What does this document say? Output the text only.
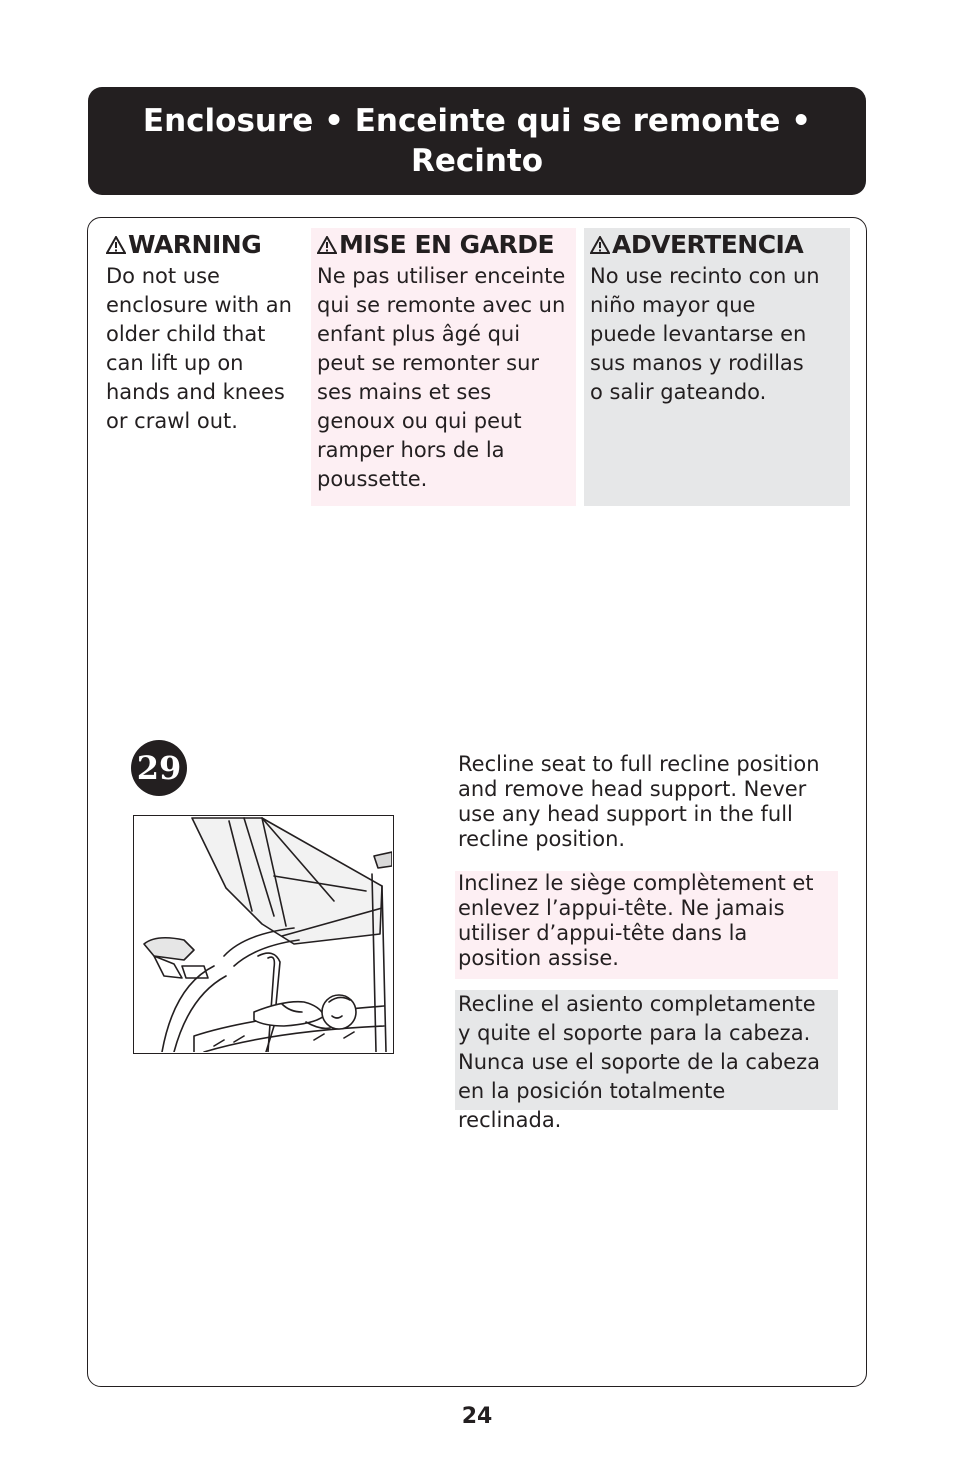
Enclosure • Enceinte qui se remonte • Recinto
WARNING
Do not use
enclosure with an
older child that
can lift up on
hands and knees
or crawl out.
MISE EN GARDE
Ne pas utiliser enceinte
qui se remonte avec un
enfant plus âgé qui
peut se remonter sur
ses mains et ses
genoux ou qui peut
ramper hors de la
poussette.
ADVERTENCIA
No use recinto con un
niño mayor que
puede levantarse en
sus manos y rodillas
o salir gateando.
29	Recline seat to full recline position
and remove head support. Never
use any head support in the full
recline position.
Inclinez le siège complètement et
enlevez l’appui-tête. Ne jamais
utiliser d’appui-tête dans la
position assise.
Recline el asiento completamente
y quite el soporte para la cabeza.
Nunca use el soporte de la cabeza
en la posición totalmente reclinada.
24
